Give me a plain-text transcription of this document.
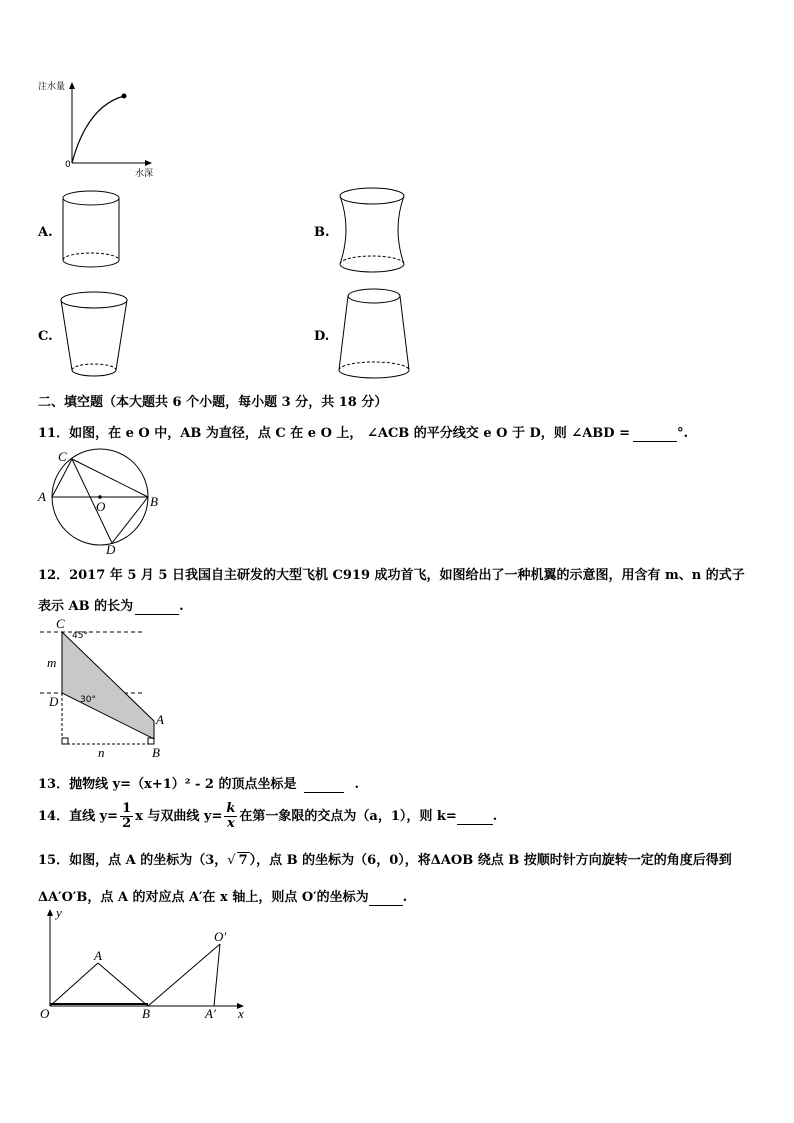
注水量
水深
0
A.	B.
C.	D.
二、填空题（本大题共 6 个小题，每小题 3 分，共 18 分）
11．如图，在 e O 中，AB 为直径，点 C 在 e O 上， ∠ACB 的平分线交 e O 于 D，则 ∠ABD =	°.
C
A	B
O
D
12．2017 年 5 月 5 日我国自主研发的大型飞机 C919 成功首飞，如图给出了一种机翼的示意图，用含有 m、n 的式子
表示 AB 的长为	.
C
45°
m
D 30°
A
n	B
13．抛物线 y=（x+1）² - 2 的顶点坐标是	.
14．直线 $y= \frac{1}{2}$ x 与双曲线 $y= \frac{k}{x}$ 在第一象限的交点为（a，1），则 k=	.
15．如图，点 A 的坐标为（3，√ 7 ），点 B 的坐标为（6，0），将ΔAOB 绕点 B 按顺时针方向旋转一定的角度后得到
ΔA′O′B，点 A 的对应点 A′在 x 轴上，则点 O′的坐标为	.
y
O′
A
O	B	A′ x
